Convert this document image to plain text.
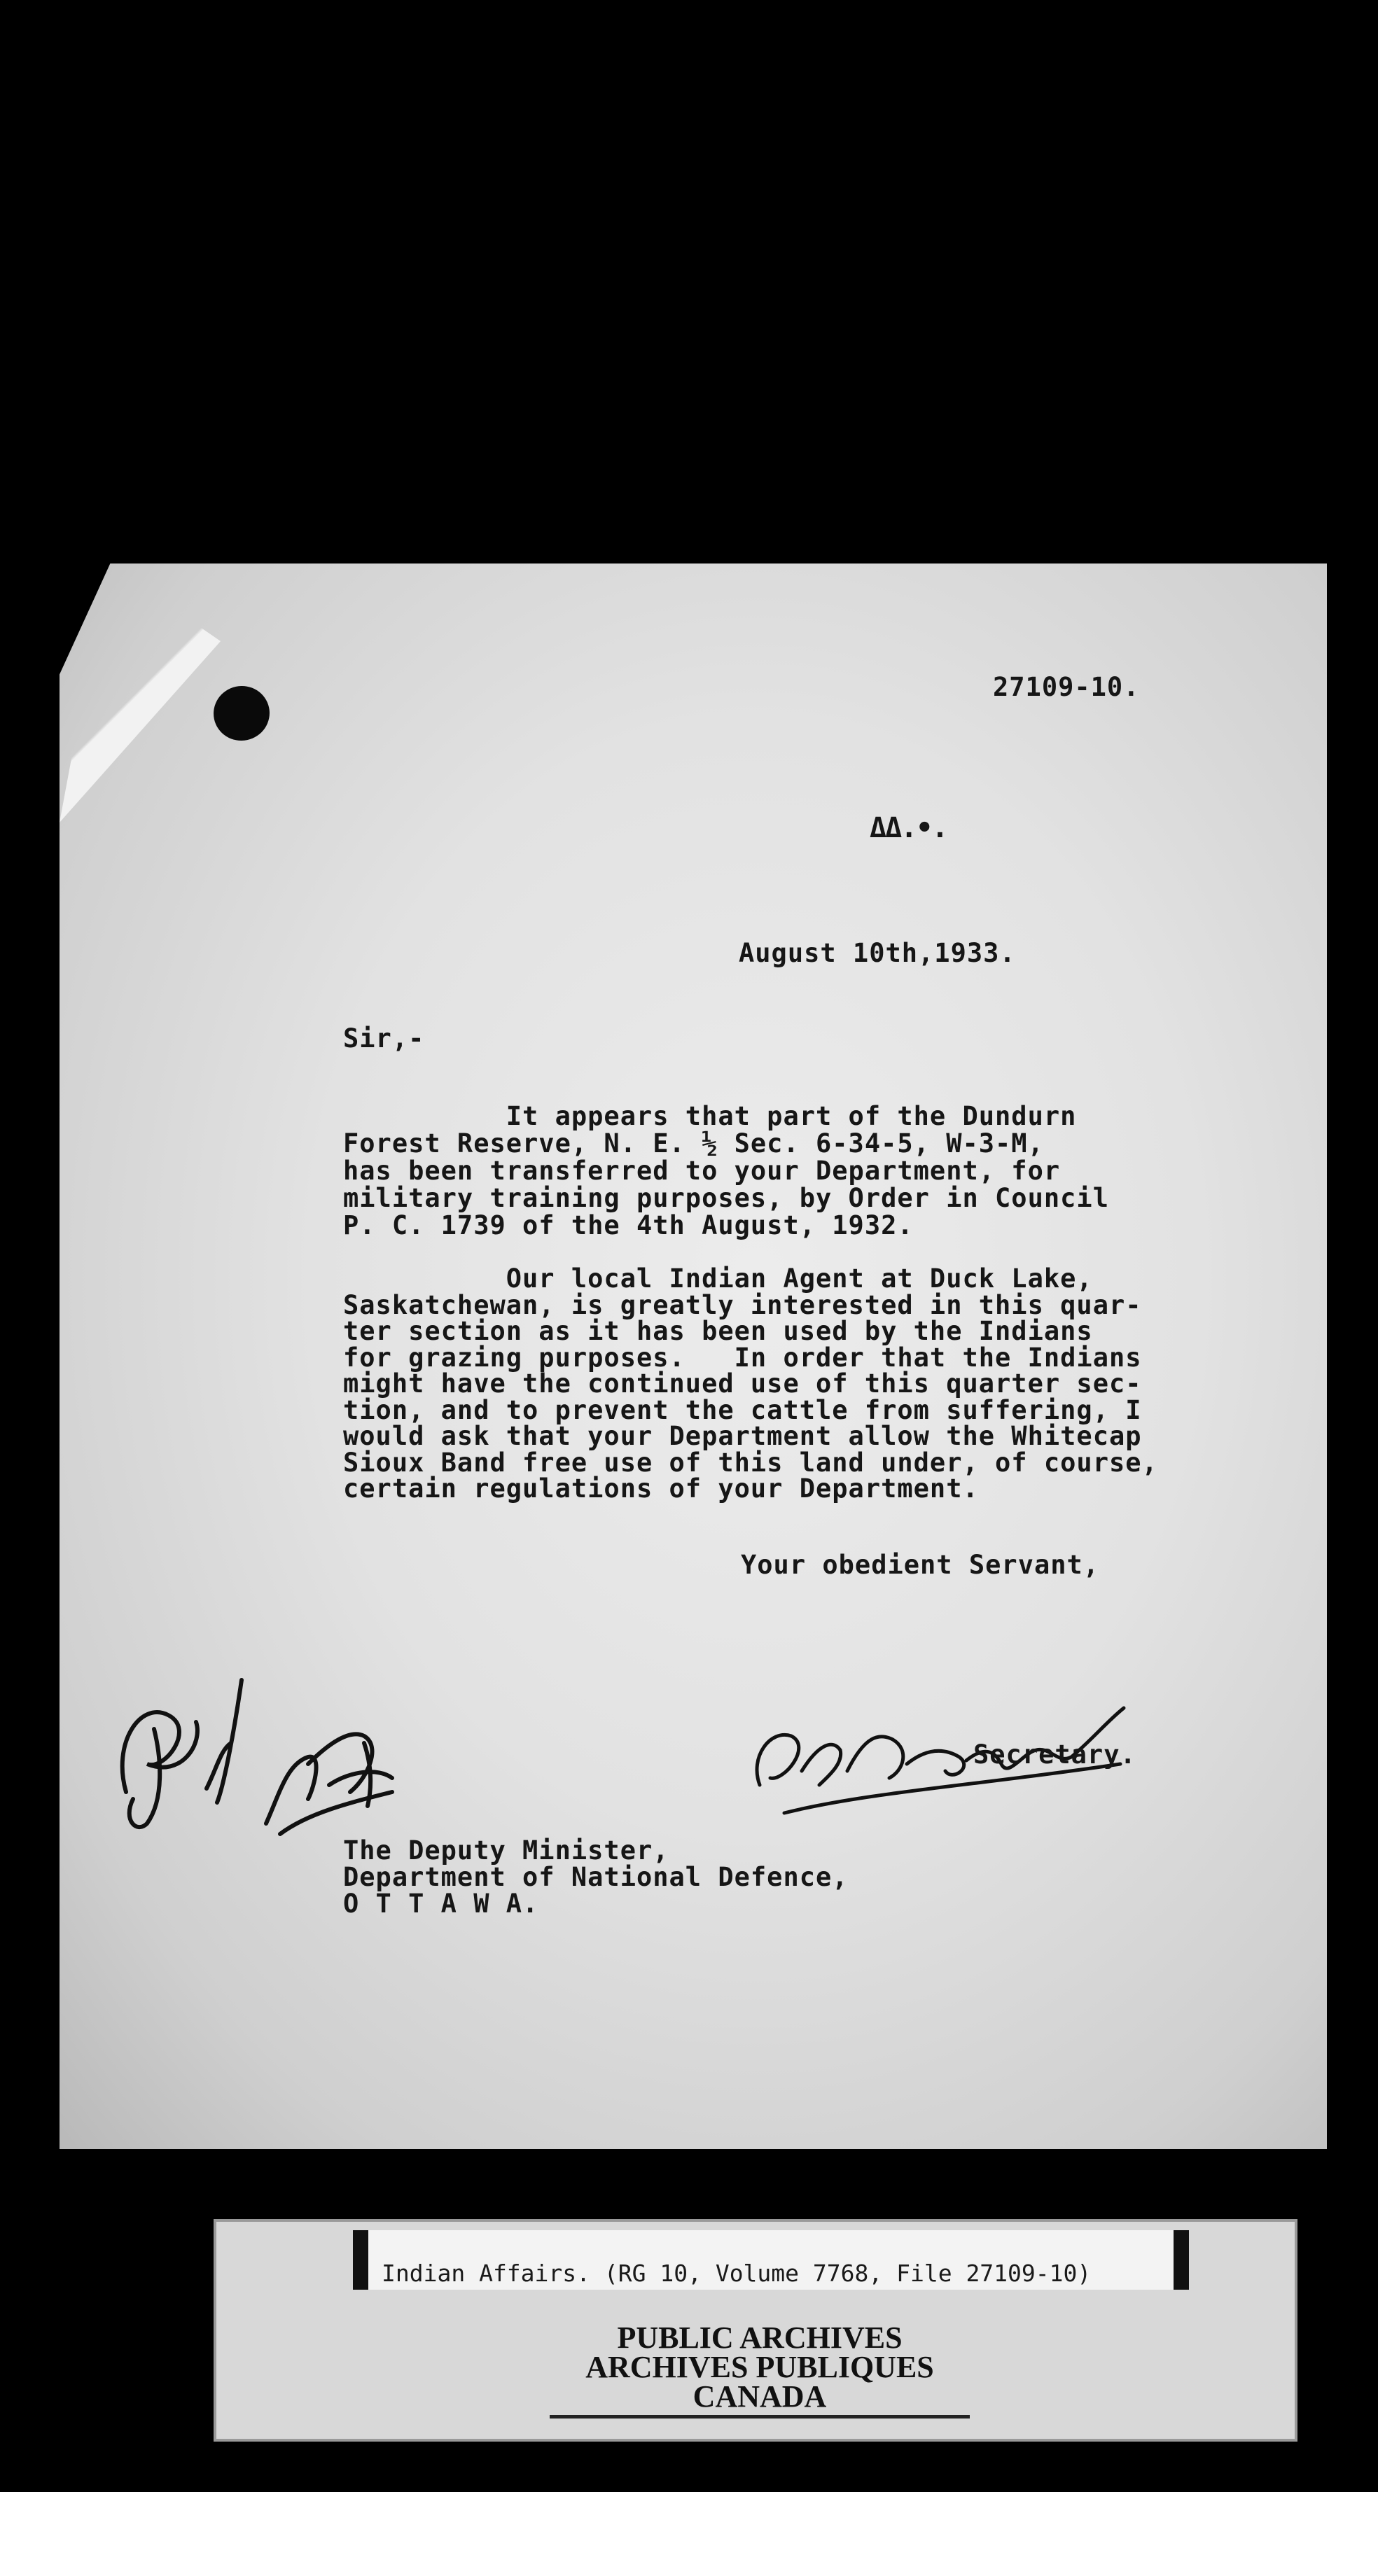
27109-10.
ΔΔ.•.
August 10th,1933.
Sir,-
It appears that part of the Dundurn
Forest Reserve, N. E. ½ Sec. 6-34-5, W-3-M,
has been transferred to your Department, for
military training purposes, by Order in Council
P. C. 1739 of the 4th August, 1932.
Our local Indian Agent at Duck Lake,
Saskatchewan, is greatly interested in this quar-
ter section as it has been used by the Indians
for grazing purposes.   In order that the Indians
might have the continued use of this quarter sec-
tion, and to prevent the cattle from suffering, I
would ask that your Department allow the Whitecap
Sioux Band free use of this land under, of course,
certain regulations of your Department.
Your obedient Servant,
Secretary.
The Deputy Minister,
Department of National Defence,
O T T A W A.
Indian Affairs. (RG 10, Volume 7768, File 27109-10)
PUBLIC ARCHIVES
ARCHIVES PUBLIQUES
CANADA
